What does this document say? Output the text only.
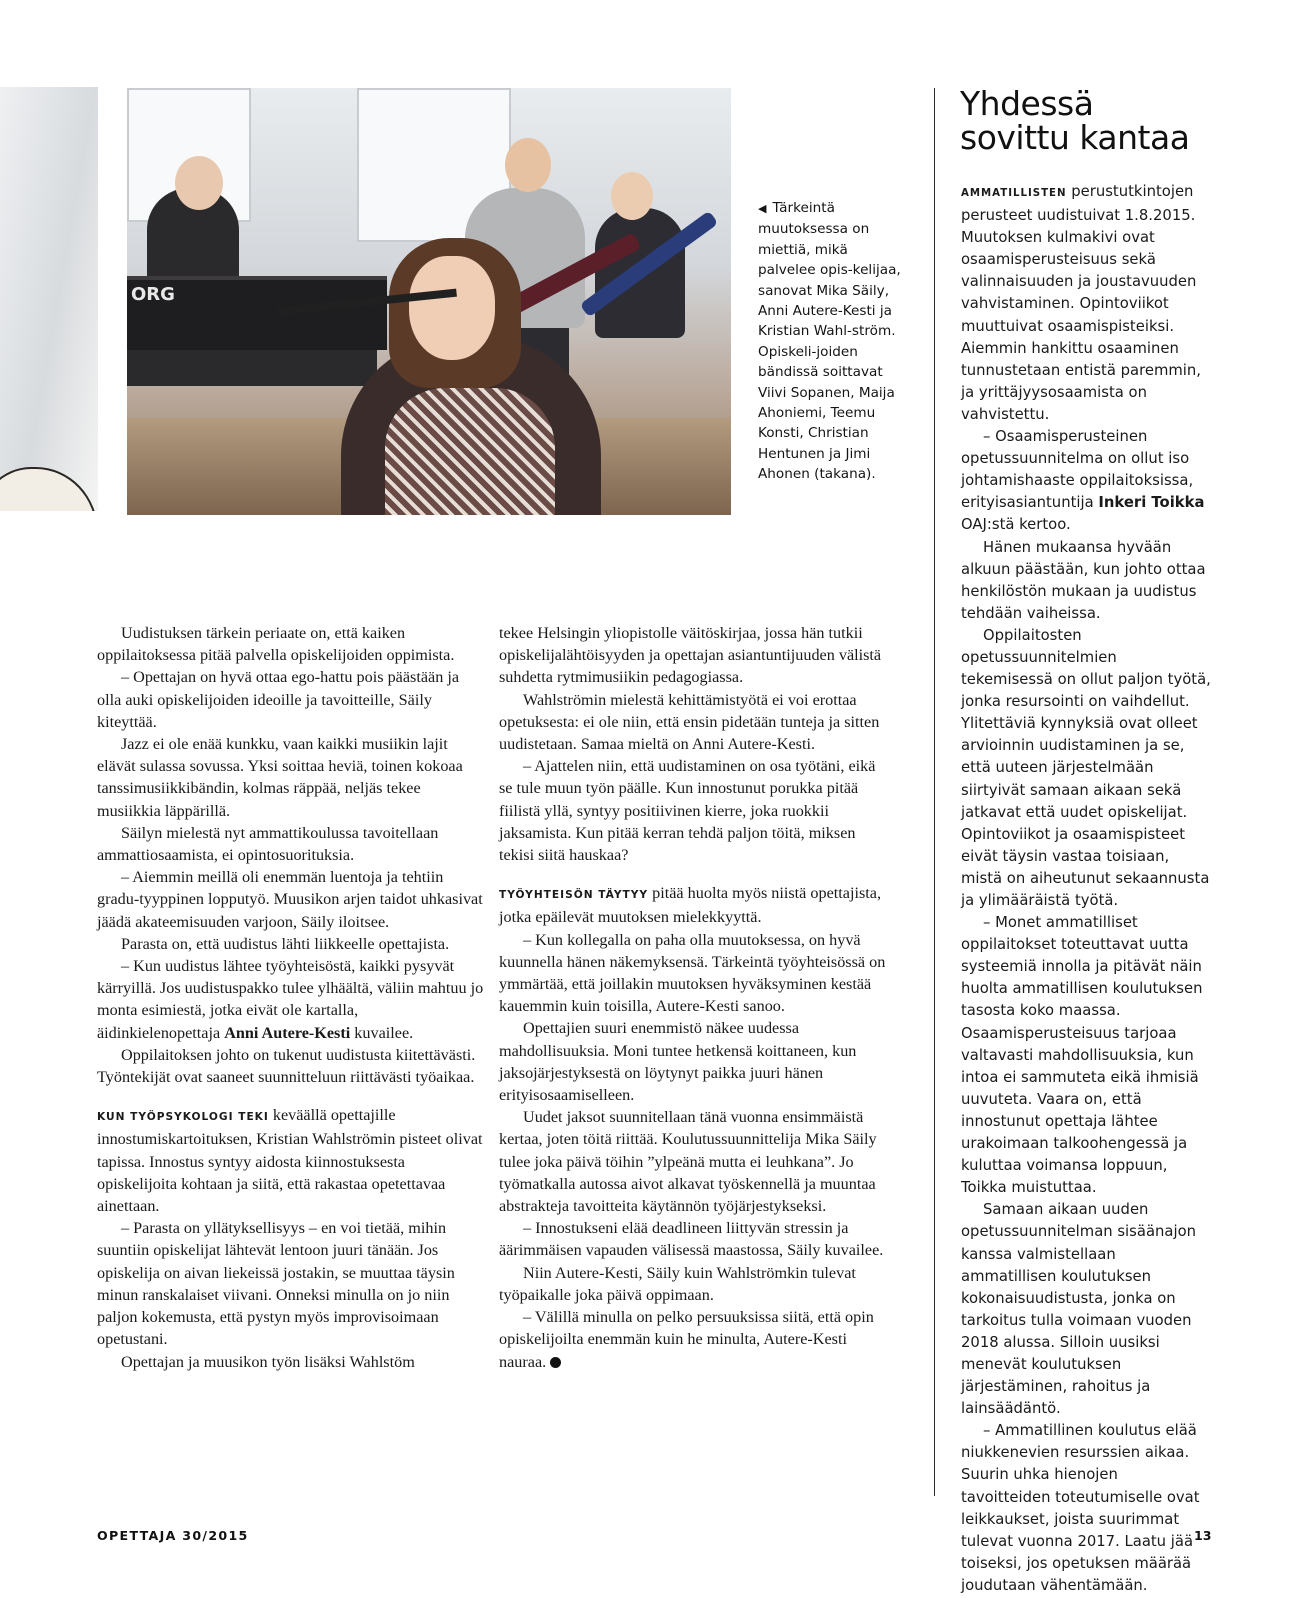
ORG
◀ Tärkeintä muutoksessa on miettiä, mikä palvelee opis-kelijaa, sanovat Mika Säily, Anni Autere-Kesti ja Kristian Wahl-ström. Opiskeli-joiden bändissä soittavat Viivi Sopanen, Maija Ahoniemi, Teemu Konsti, Christian Hentunen ja Jimi Ahonen (takana).

Uudistuksen tärkein periaate on, että kaiken oppilaitoksessa pitää palvella opiskelijoiden oppimista.

– Opettajan on hyvä ottaa ego-hattu pois päästään ja olla auki opiskelijoiden ideoille ja tavoitteille, Säily kiteyttää.

Jazz ei ole enää kunkku, vaan kaikki musiikin lajit elävät sulassa sovussa. Yksi soittaa heviä, toinen kokoaa tanssimusiikkibändin, kolmas räppää, neljäs tekee musiikkia läppärillä.

Säilyn mielestä nyt ammattikoulussa tavoitellaan ammattiosaamista, ei opintosuorituksia.

– Aiemmin meillä oli enemmän luentoja ja tehtiin gradu-tyyppinen lopputyö. Muusikon arjen taidot uhkasivat jäädä akateemisuuden varjoon, Säily iloitsee.

Parasta on, että uudistus lähti liikkeelle opettajista.

– Kun uudistus lähtee työyhteisöstä, kaikki pysyvät kärryillä. Jos uudistuspakko tulee ylhäältä, väliin mahtuu jo monta esimiestä, jotka eivät ole kartalla, äidinkielenopettaja Anni Autere-Kesti kuvailee.

Oppilaitoksen johto on tukenut uudistusta kiitettävästi. Työntekijät ovat saaneet suunnitteluun riittävästi työaikaa.

KUN TYÖPSYKOLOGI TEKI keväällä opettajille innostumiskartoituksen, Kristian Wahlströmin pisteet olivat tapissa. Innostus syntyy aidosta kiinnostuksesta opiskelijoita kohtaan ja siitä, että rakastaa opetettavaa ainettaan.

– Parasta on yllätyksellisyys – en voi tietää, mihin suuntiin opiskelijat lähtevät lentoon juuri tänään. Jos opiskelija on aivan liekeissä jostakin, se muuttaa täysin minun ranskalaiset viivani. Onneksi minulla on jo niin paljon kokemusta, että pystyn myös improvisoimaan opetustani.

Opettajan ja muusikon työn lisäksi Wahlstöm

tekee Helsingin yliopistolle väitöskirjaa, jossa hän tutkii opiskelijalähtöisyyden ja opettajan asiantuntijuuden välistä suhdetta rytmimusiikin pedagogiassa.

Wahlströmin mielestä kehittämistyötä ei voi erottaa opetuksesta: ei ole niin, että ensin pidetään tunteja ja sitten uudistetaan. Samaa mieltä on Anni Autere-Kesti.

– Ajattelen niin, että uudistaminen on osa työtäni, eikä se tule muun työn päälle. Kun innostunut porukka pitää fiilistä yllä, syntyy positiivinen kierre, joka ruokkii jaksamista. Kun pitää kerran tehdä paljon töitä, miksen tekisi siitä hauskaa?

TYÖYHTEISÖN TÄYTYY pitää huolta myös niistä opettajista, jotka epäilevät muutoksen mielekkyyttä.

– Kun kollegalla on paha olla muutoksessa, on hyvä kuunnella hänen näkemyksensä. Tärkeintä työyhteisössä on ymmärtää, että joillakin muutoksen hyväksyminen kestää kauemmin kuin toisilla, Autere-Kesti sanoo.

Opettajien suuri enemmistö näkee uudessa mahdollisuuksia. Moni tuntee hetkensä koittaneen, kun jaksojärjestyksestä on löytynyt paikka juuri hänen erityisosaamiselleen.

Uudet jaksot suunnitellaan tänä vuonna ensimmäistä kertaa, joten töitä riittää. Koulutussuunnittelija Mika Säily tulee joka päivä töihin ”ylpeänä mutta ei leuhkana”. Jo työmatkalla autossa aivot alkavat työskennellä ja muuntaa abstrakteja tavoitteita käytännön työjärjestykseksi.

– Innostukseni elää deadlineen liittyvän stressin ja äärimmäisen vapauden välisessä maastossa, Säily kuvailee.

Niin Autere-Kesti, Säily kuin Wahlströmkin tulevat työpaikalle joka päivä oppimaan.

– Välillä minulla on pelko persuuksissa siitä, että opin opiskelijoilta enemmän kuin he minulta, Autere-Kesti nauraa.

Yhdessä
sovittu kantaa

AMMATILLISTEN perustutkintojen perusteet uudistuivat 1.8.2015. Muutoksen kulmakivi ovat osaamisperusteisuus sekä valinnaisuuden ja joustavuuden vahvistaminen. Opintoviikot muuttuivat osaamispisteiksi. Aiemmin hankittu osaaminen tunnustetaan entistä paremmin, ja yrittäjyysosaamista on vahvistettu.

– Osaamisperusteinen opetussuunnitelma on ollut iso johtamishaaste oppilaitoksissa, erityisasiantuntija Inkeri Toikka OAJ:stä kertoo.

Hänen mukaansa hyvään alkuun päästään, kun johto ottaa henkilöstön mukaan ja uudistus tehdään vaiheissa.

Oppilaitosten opetussuunnitelmien tekemisessä on ollut paljon työtä, jonka resursointi on vaihdellut. Ylitettäviä kynnyksiä ovat olleet arvioinnin uudistaminen ja se, että uuteen järjestelmään siirtyivät samaan aikaan sekä jatkavat että uudet opiskelijat. Opintoviikot ja osaamispisteet eivät täysin vastaa toisiaan, mistä on aiheutunut sekaannusta ja ylimääräistä työtä.

– Monet ammatilliset oppilaitokset toteuttavat uutta systeemiä innolla ja pitävät näin huolta ammatillisen koulutuksen tasosta koko maassa. Osaamisperusteisuus tarjoaa valtavasti mahdollisuuksia, kun intoa ei sammuteta eikä ihmisiä uuvuteta. Vaara on, että innostunut opettaja lähtee urakoimaan talkoohengessä ja kuluttaa voimansa loppuun, Toikka muistuttaa.

Samaan aikaan uuden opetussuunnitelman sisäänajon kanssa valmistellaan ammatillisen koulutuksen kokonaisuudistusta, jonka on tarkoitus tulla voimaan vuoden 2018 alussa. Silloin uusiksi menevät koulutuksen järjestäminen, rahoitus ja lainsäädäntö.

– Ammatillinen koulutus elää niukkenevien resurssien aikaa. Suurin uhka hienojen tavoitteiden toteutumiselle ovat leikkaukset, joista suurimmat tulevat vuonna 2017. Laatu jää toiseksi, jos opetuksen määrää joudutaan vähentämään.

OPETTAJA 30/2015	13
